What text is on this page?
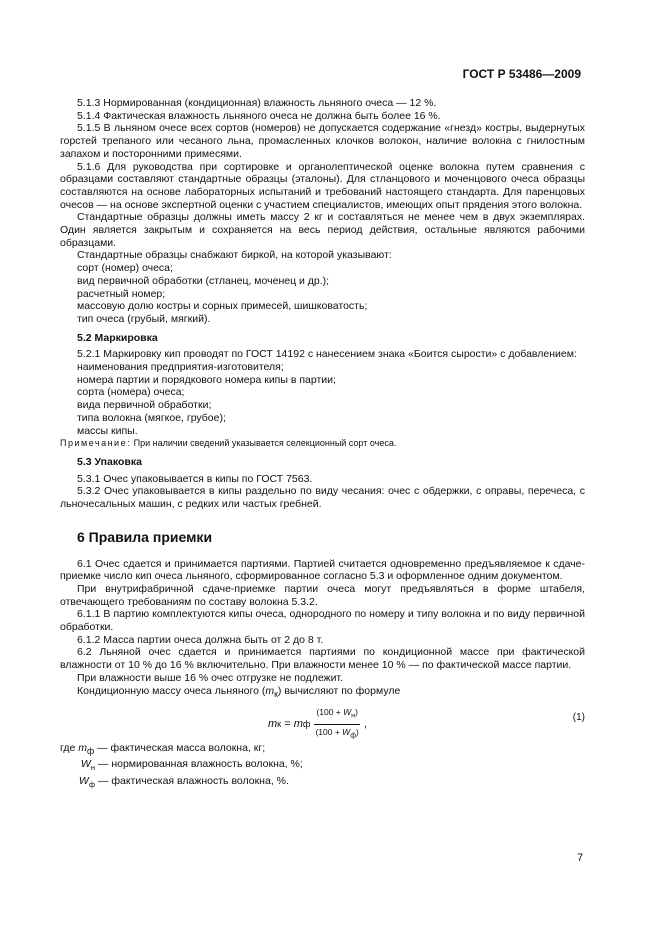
ГОСТ Р 53486—2009

5.1.3 Нормированная (кондиционная) влажность льняного очеса — 12 %.

5.1.4 Фактическая влажность льняного очеса не должна быть более 16 %.

5.1.5 В льняном очесе всех сортов (номеров) не допускается содержание «гнезд» костры, выдернутых горстей трепаного или чесаного льна, промасленных клочков волокон, наличие волокна с гнилостным запахом и посторонними примесями.

5.1.6 Для руководства при сортировке и органолептической оценке волокна путем сравнения с образцами составляют стандартные образцы (эталоны). Для стланцового и моченцового очеса образцы составляются на основе лабораторных испытаний и требований настоящего стандарта. Для паренцовых очесов — на основе экспертной оценки с участием специалистов, имеющих опыт прядения этого волокна.

Стандартные образцы должны иметь массу 2 кг и составляться не менее чем в двух экземплярах. Один является закрытым и сохраняется на весь период действия, остальные являются рабочими образцами.

Стандартные образцы снабжают биркой, на которой указывают:

сорт (номер) очеса;

вид первичной обработки (стланец, моченец и др.);

расчетный номер;

массовую долю костры и сорных примесей, шишковатость;

тип очеса (грубый, мягкий).

5.2 Маркировка

5.2.1 Маркировку кип проводят по ГОСТ 14192 с нанесением знака «Боится сырости» с добавлением:

наименования предприятия-изготовителя;

номера партии и порядкового номера кипы в партии;

сорта (номера) очеса;

вида первичной обработки;

типа волокна (мягкое, грубое);

массы кипы.

Примечание: При наличии сведений указывается селекционный сорт очеса.

5.3 Упаковка

5.3.1 Очес упаковывается в кипы по ГОСТ 7563.

5.3.2 Очес упаковывается в кипы раздельно по виду чесания: очес с обдержки, с оправы, перечеса, с льночесальных машин, с редких или частых гребней.

6 Правила приемки

6.1 Очес сдается и принимается партиями. Партией считается одновременно предъявляемое к сдаче-приемке число кип очеса льняного, сформированное согласно 5.3 и оформленное одним документом.

При внутрифабричной сдаче-приемке партии очеса могут предъявляться в форме штабеля, отвечающего требованиям по составу волокна 5.3.2.

6.1.1 В партию комплектуются кипы очеса, однородного по номеру и типу волокна и по виду первичной обработки.

6.1.2 Масса партии очеса должна быть от 2 до 8 т.

6.2 Льняной очес сдается и принимается партиями по кондиционной массе при фактической влажности от 10 % до 16 % включительно. При влажности менее 10 % — по фактической массе партии.

При влажности выше 16 % очес отгрузке не подлежит.

Кондиционную массу очеса льняного $(m_к)$ вычисляют по формуле

m к = m ф $\frac{(100 + W_н)}{(100 + W_ф)}$ ,
(1)

где $m_ф$ — фактическая масса волокна, кг;

$W_н$ — нормированная влажность волокна, %;

$W_ф$ — фактическая влажность волокна, %.

7
